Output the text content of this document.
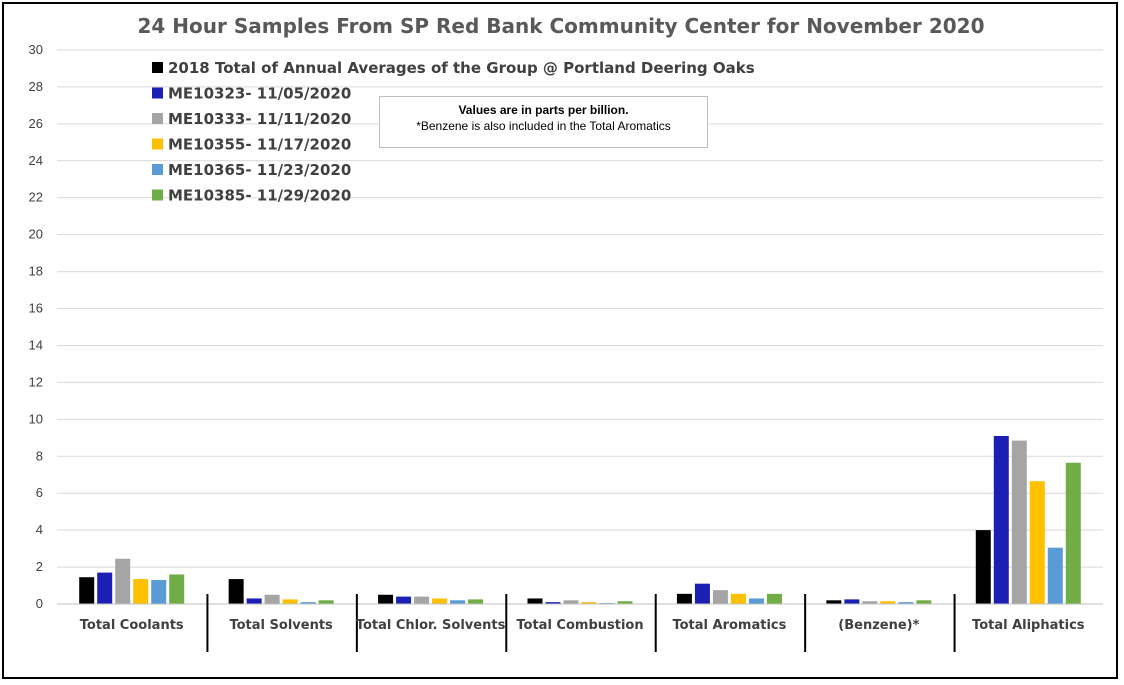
24 Hour Samples From SP Red Bank Community Center for November 2020
0
2
4
6
8
10
12
14
16
18
20
22
24
26
28
30
Total Coolants	Total Solvents Total Chlor. Solvents Total Combustion Total Aromatics	(Benzene)*	Total Aliphatics
2018 Total of Annual Averages of the Group @ Portland Deering Oaks
ME10323- 11/05/2020
ME10333- 11/11/2020
ME10355- 11/17/2020
ME10365- 11/23/2020
ME10385- 11/29/2020
Values are in parts per billion.
*Benzene is also included in the Total Aromatics
